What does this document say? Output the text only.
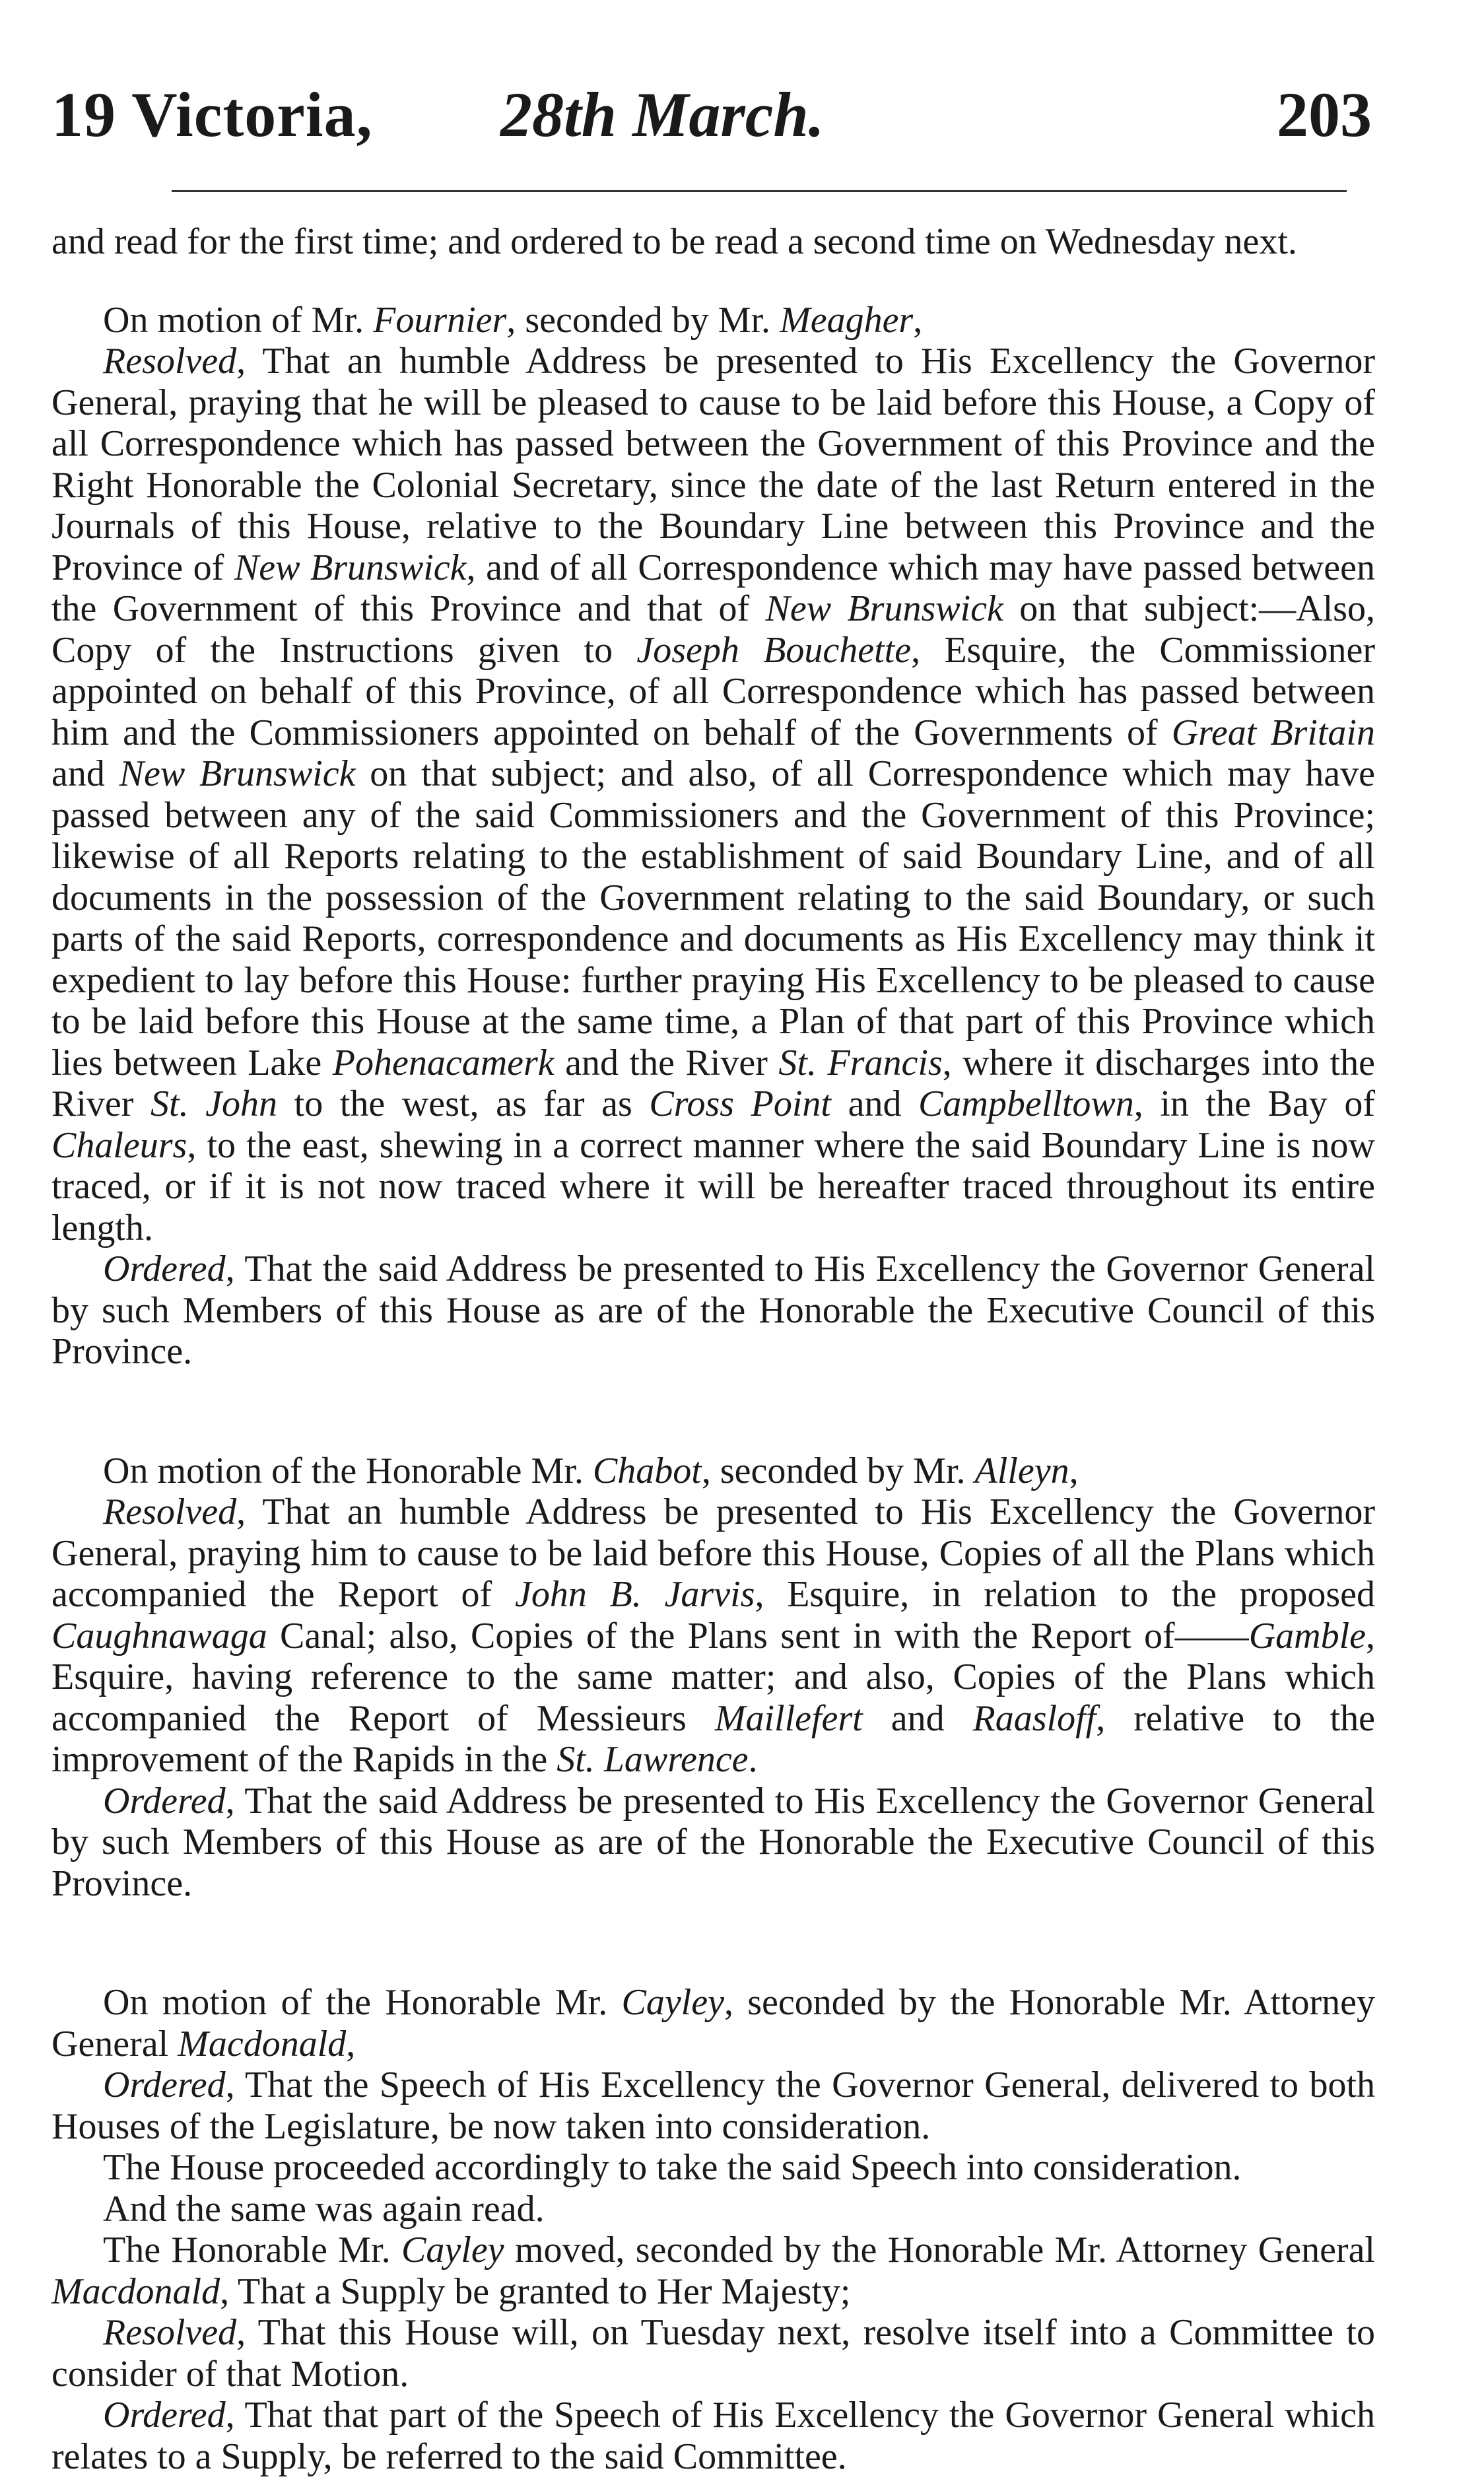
19 Victoria, 28th March.	203

and read for the first time; and ordered to be read a second time on Wednesday next.

On motion of Mr. Fournier, seconded by Mr. Meagher,

Resolved, That an humble Address be presented to His Excellency the Governor General, praying that he will be pleased to cause to be laid before this House, a Copy of all Correspondence which has passed between the Government of this Province and the Right Honorable the Colonial Secretary, since the date of the last Return entered in the Journals of this House, relative to the Boundary Line between this Province and the Province of New Brunswick, and of all Correspondence which may have passed between the Government of this Province and that of New Brunswick on that subject:—Also, Copy of the Instructions given to Joseph Bouchette, Esquire, the Commissioner appointed on behalf of this Province, of all Correspondence which has passed between him and the Commissioners appointed on behalf of the Governments of Great Britain and New Brunswick on that subject; and also, of all Correspondence which may have passed between any of the said Commissioners and the Government of this Province; likewise of all Reports relating to the establishment of said Boundary Line, and of all documents in the possession of the Government relating to the said Boundary, or such parts of the said Reports, correspondence and documents as His Excellency may think it expedient to lay before this House: further praying His Excellency to be pleased to cause to be laid before this House at the same time, a Plan of that part of this Province which lies between Lake Pohenacamerk and the River St. Francis, where it discharges into the River St. John to the west, as far as Cross Point and Campbelltown, in the Bay of Chaleurs, to the east, shewing in a correct manner where the said Boundary Line is now traced, or if it is not now traced where it will be hereafter traced throughout its entire length.

Ordered, That the said Address be presented to His Excellency the Governor General by such Members of this House as are of the Honorable the Executive Council of this Province.

On motion of the Honorable Mr. Chabot, seconded by Mr. Alleyn,

Resolved, That an humble Address be presented to His Excellency the Governor General, praying him to cause to be laid before this House, Copies of all the Plans which accompanied the Report of John B. Jarvis, Esquire, in relation to the proposed Caughnawaga Canal; also, Copies of the Plans sent in with the Report of——Gamble, Esquire, having reference to the same matter; and also, Copies of the Plans which accompanied the Report of Messieurs Maillefert and Raasloff, relative to the improvement of the Rapids in the St. Lawrence.

Ordered, That the said Address be presented to His Excellency the Governor General by such Members of this House as are of the Honorable the Executive Council of this Province.

On motion of the Honorable Mr. Cayley, seconded by the Honorable Mr. Attorney General Macdonald,

Ordered, That the Speech of His Excellency the Governor General, delivered to both Houses of the Legislature, be now taken into consideration.

The House proceeded accordingly to take the said Speech into consideration.

And the same was again read.

The Honorable Mr. Cayley moved, seconded by the Honorable Mr. Attorney General Macdonald, That a Supply be granted to Her Majesty;

Resolved, That this House will, on Tuesday next, resolve itself into a Committee to consider of that Motion.

Ordered, That that part of the Speech of His Excellency the Governor General which relates to a Supply, be referred to the said Committee.
